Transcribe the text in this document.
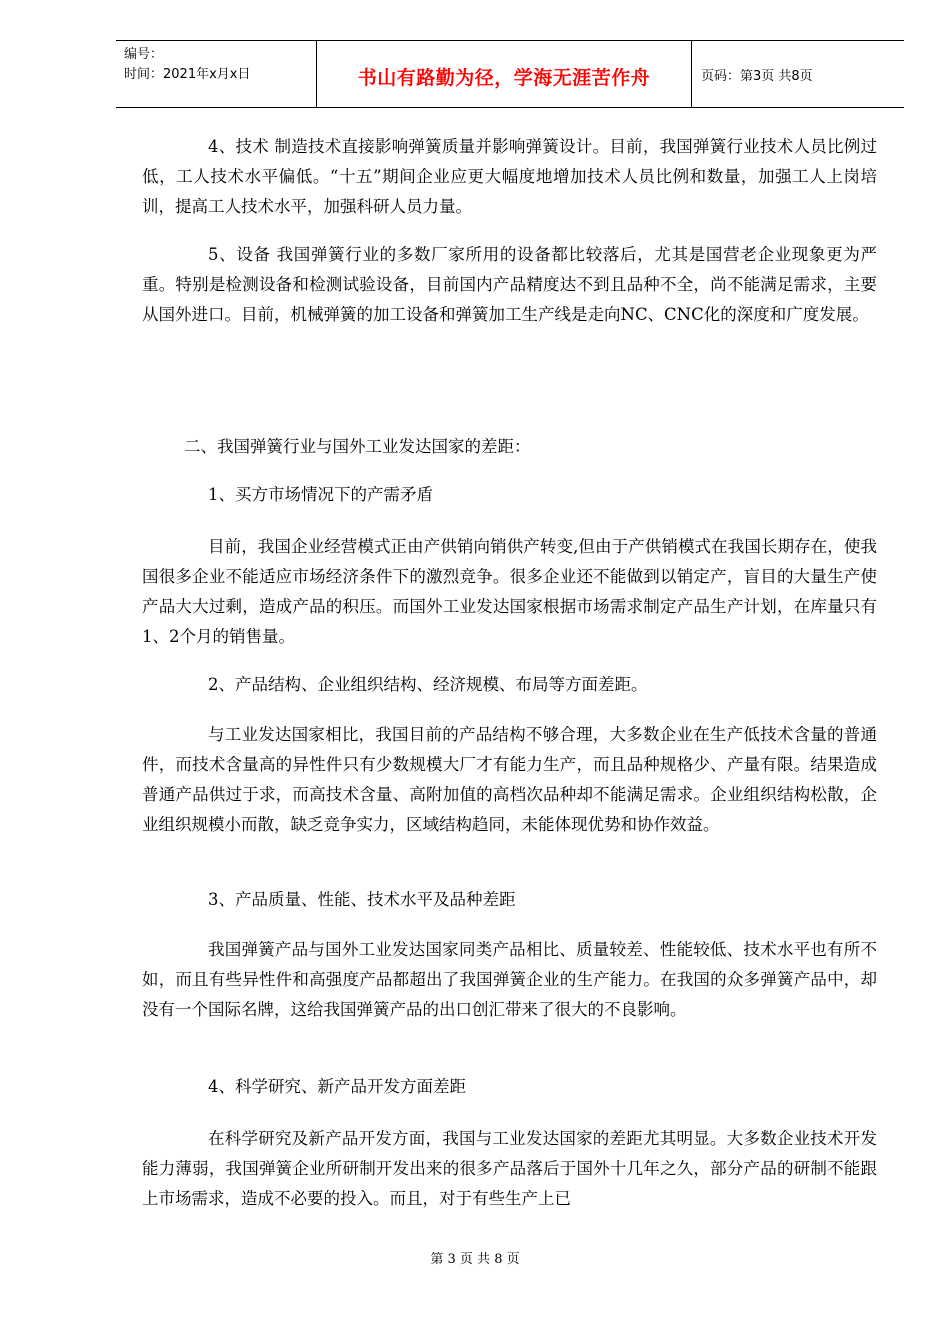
编号：
时间：2021年x月x日	书山有路勤为径，学海无涯苦作舟	页码：第3页 共8页
4、技术 制造技术直接影响弹簧质量并影响弹簧设计。目前，我国弹簧行业技术人员比例过低，工人技术水平偏低。“十五”期间企业应更大幅度地增加技术人员比例和数量，加强工人上岗培训，提高工人技术水平，加强科研人员力量。
5、设备 我国弹簧行业的多数厂家所用的设备都比较落后，尤其是国营老企业现象更为严重。特别是检测设备和检测试验设备，目前国内产品精度达不到且品种不全，尚不能满足需求，主要从国外进口。目前，机械弹簧的加工设备和弹簧加工生产线是走向NC、CNC化的深度和广度发展。
二、我国弹簧行业与国外工业发达国家的差距：
1、买方市场情况下的产需矛盾
目前，我国企业经营模式正由产供销向销供产转变,但由于产供销模式在我国长期存在，使我国很多企业不能适应市场经济条件下的激烈竞争。很多企业还不能做到以销定产，盲目的大量生产使产品大大过剩，造成产品的积压。而国外工业发达国家根据市场需求制定产品生产计划，在库量只有1、2个月的销售量。
2、产品结构、企业组织结构、经济规模、布局等方面差距。
与工业发达国家相比，我国目前的产品结构不够合理，大多数企业在生产低技术含量的普通件，而技术含量高的异性件只有少数规模大厂才有能力生产，而且品种规格少、产量有限。结果造成普通产品供过于求，而高技术含量、高附加值的高档次品种却不能满足需求。企业组织结构松散，企业组织规模小而散，缺乏竞争实力，区域结构趋同，未能体现优势和协作效益。
3、产品质量、性能、技术水平及品种差距
我国弹簧产品与国外工业发达国家同类产品相比、质量较差、性能较低、技术水平也有所不如，而且有些异性件和高强度产品都超出了我国弹簧企业的生产能力。在我国的众多弹簧产品中，却没有一个国际名牌，这给我国弹簧产品的出口创汇带来了很大的不良影响。
4、科学研究、新产品开发方面差距
在科学研究及新产品开发方面，我国与工业发达国家的差距尤其明显。大多数企业技术开发能力薄弱，我国弹簧企业所研制开发出来的很多产品落后于国外十几年之久，部分产品的研制不能跟上市场需求，造成不必要的投入。而且，对于有些生产上已
第 3 页 共 8 页
